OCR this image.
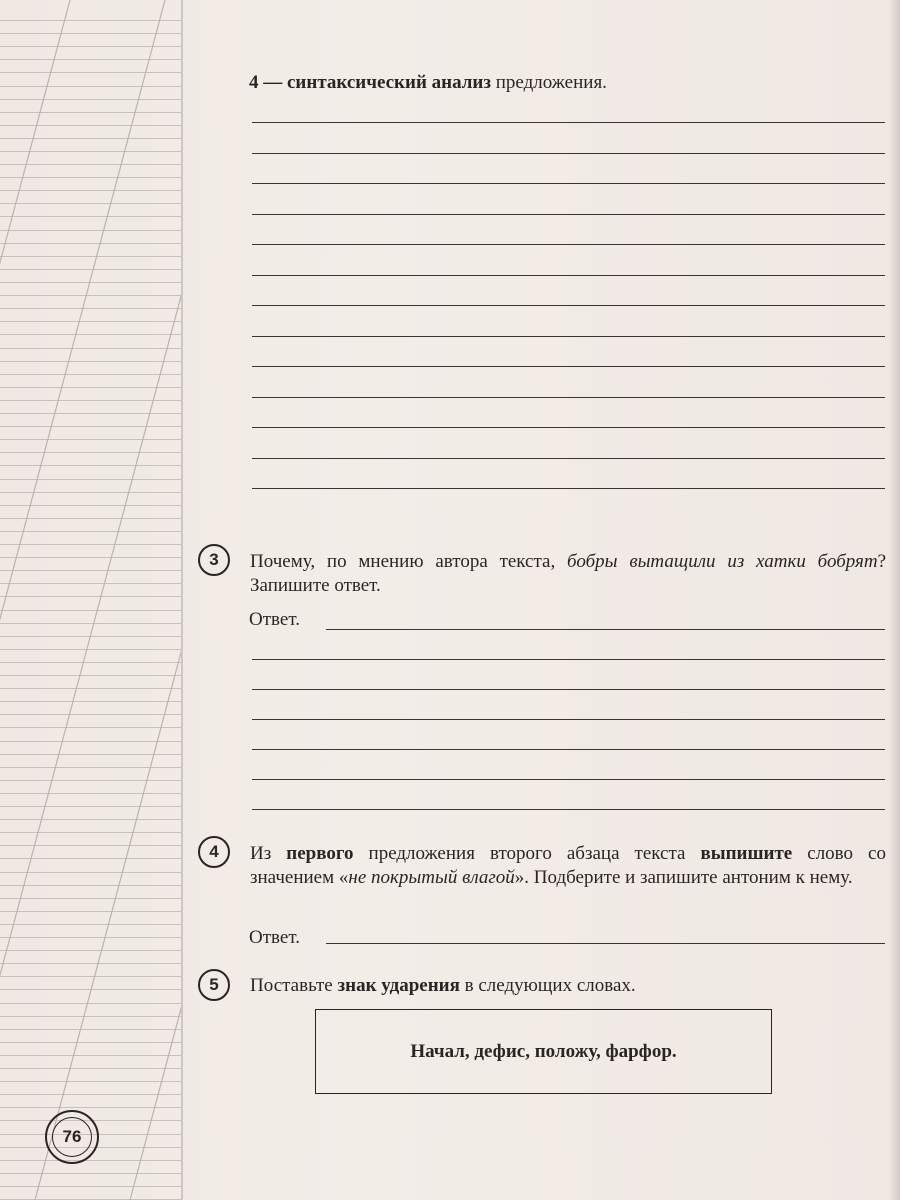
4 — синтаксический анализ предложения.
3	Почему, по мнению автора текста, бобры вытащили из хатки бобрят? Запишите ответ.
Ответ.
4	Из первого предложения второго абзаца текста выпишите слово со значением «не покрытый влагой». Подберите и запишите антоним к нему.
Ответ.
5	Поставьте знак ударения в следующих словах.
Начал, дефис, положу, фарфор.
76
